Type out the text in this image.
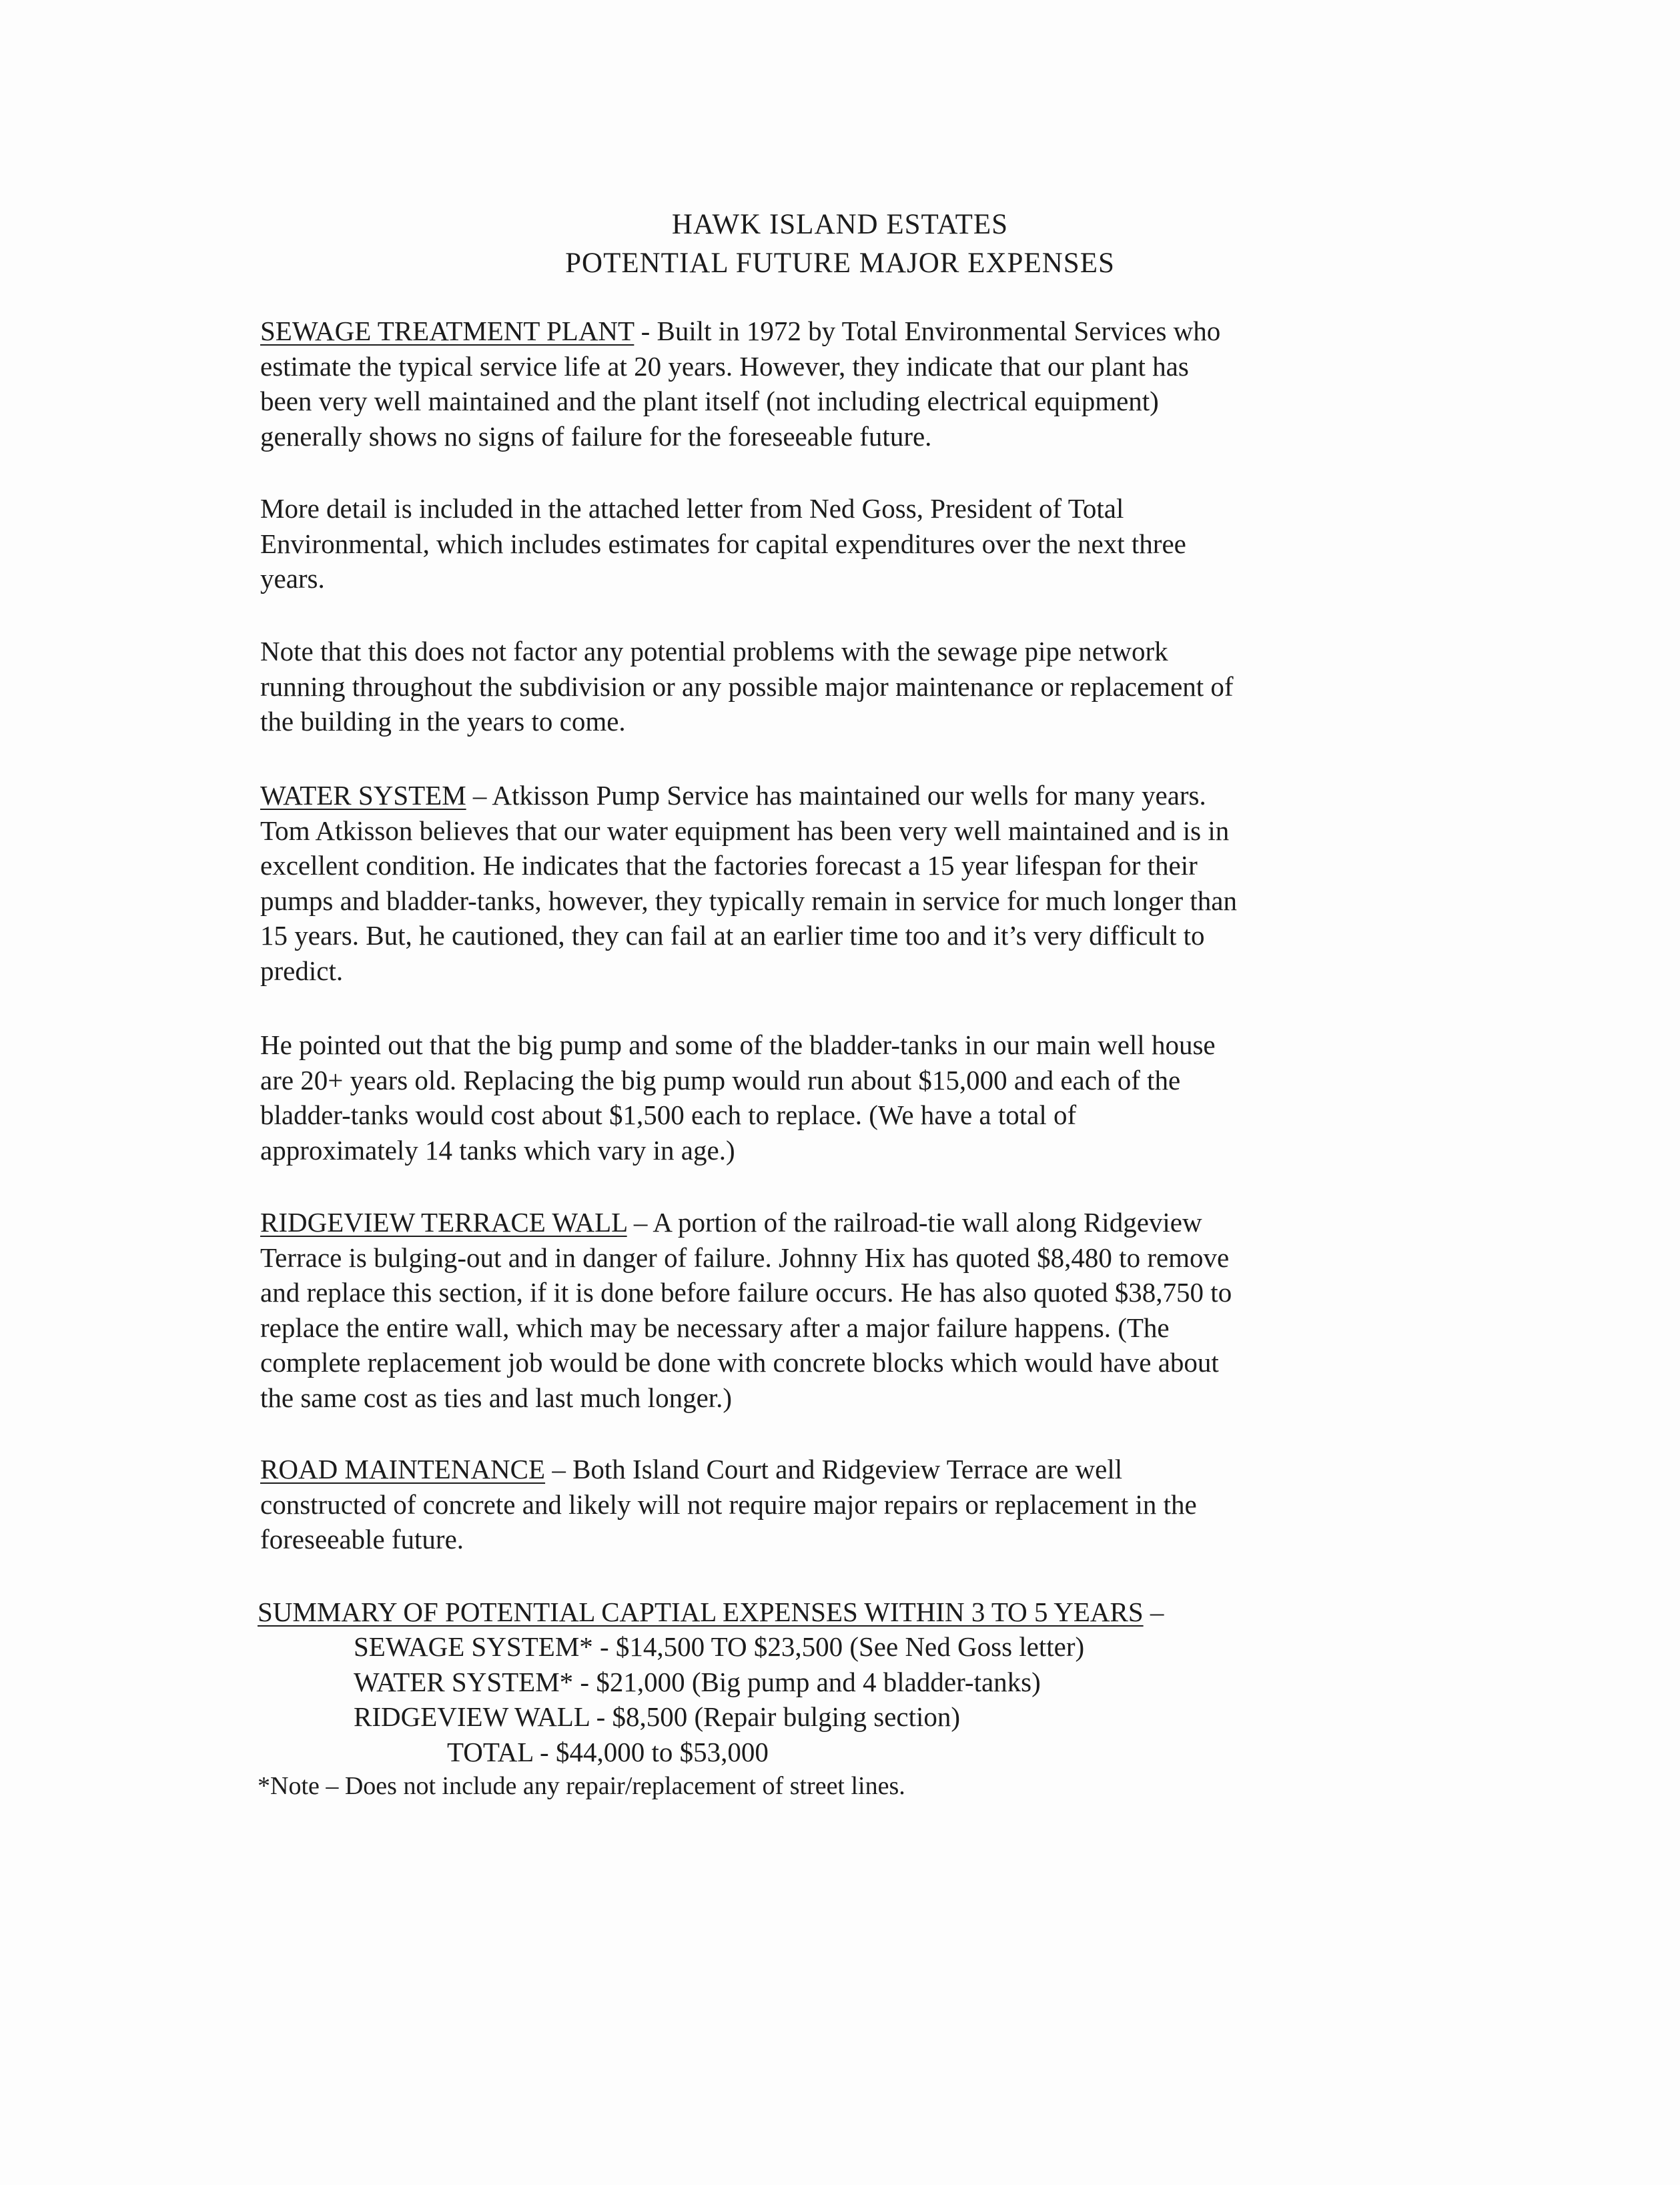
HAWK ISLAND ESTATES
POTENTIAL FUTURE MAJOR EXPENSES

SEWAGE TREATMENT PLANT - Built in 1972 by Total Environmental Services who

estimate the typical service life at 20 years. However, they indicate that our plant has

been very well maintained and the plant itself (not including electrical equipment)

generally shows no signs of failure for the foreseeable future.

More detail is included in the attached letter from Ned Goss, President of Total

Environmental, which includes estimates for capital expenditures over the next three

years.

Note that this does not factor any potential problems with the sewage pipe network

running throughout the subdivision or any possible major maintenance or replacement of

the building in the years to come.

WATER SYSTEM – Atkisson Pump Service has maintained our wells for many years.

Tom Atkisson believes that our water equipment has been very well maintained and is in

excellent condition. He indicates that the factories forecast a 15 year lifespan for their

pumps and bladder-tanks, however, they typically remain in service for much longer than

15 years. But, he cautioned, they can fail at an earlier time too and it’s very difficult to

predict.

He pointed out that the big pump and some of the bladder-tanks in our main well house

are 20+ years old. Replacing the big pump would run about $15,000 and each of the

bladder-tanks would cost about $1,500 each to replace. (We have a total of

approximately 14 tanks which vary in age.)

RIDGEVIEW TERRACE WALL – A portion of the railroad-tie wall along Ridgeview

Terrace is bulging-out and in danger of failure. Johnny Hix has quoted $8,480 to remove

and replace this section, if it is done before failure occurs. He has also quoted $38,750 to

replace the entire wall, which may be necessary after a major failure happens. (The

complete replacement job would be done with concrete blocks which would have about

the same cost as ties and last much longer.)

ROAD MAINTENANCE – Both Island Court and Ridgeview Terrace are well

constructed of concrete and likely will not require major repairs or replacement in the

foreseeable future.

SUMMARY OF POTENTIAL CAPTIAL EXPENSES WITHIN 3 TO 5 YEARS –

SEWAGE SYSTEM* - $14,500 TO $23,500 (See Ned Goss letter)
WATER SYSTEM* - $21,000 (Big pump and 4 bladder-tanks)
RIDGEVIEW WALL - $8,500 (Repair bulging section)
TOTAL - $44,000 to $53,000
*Note – Does not include any repair/replacement of street lines.
